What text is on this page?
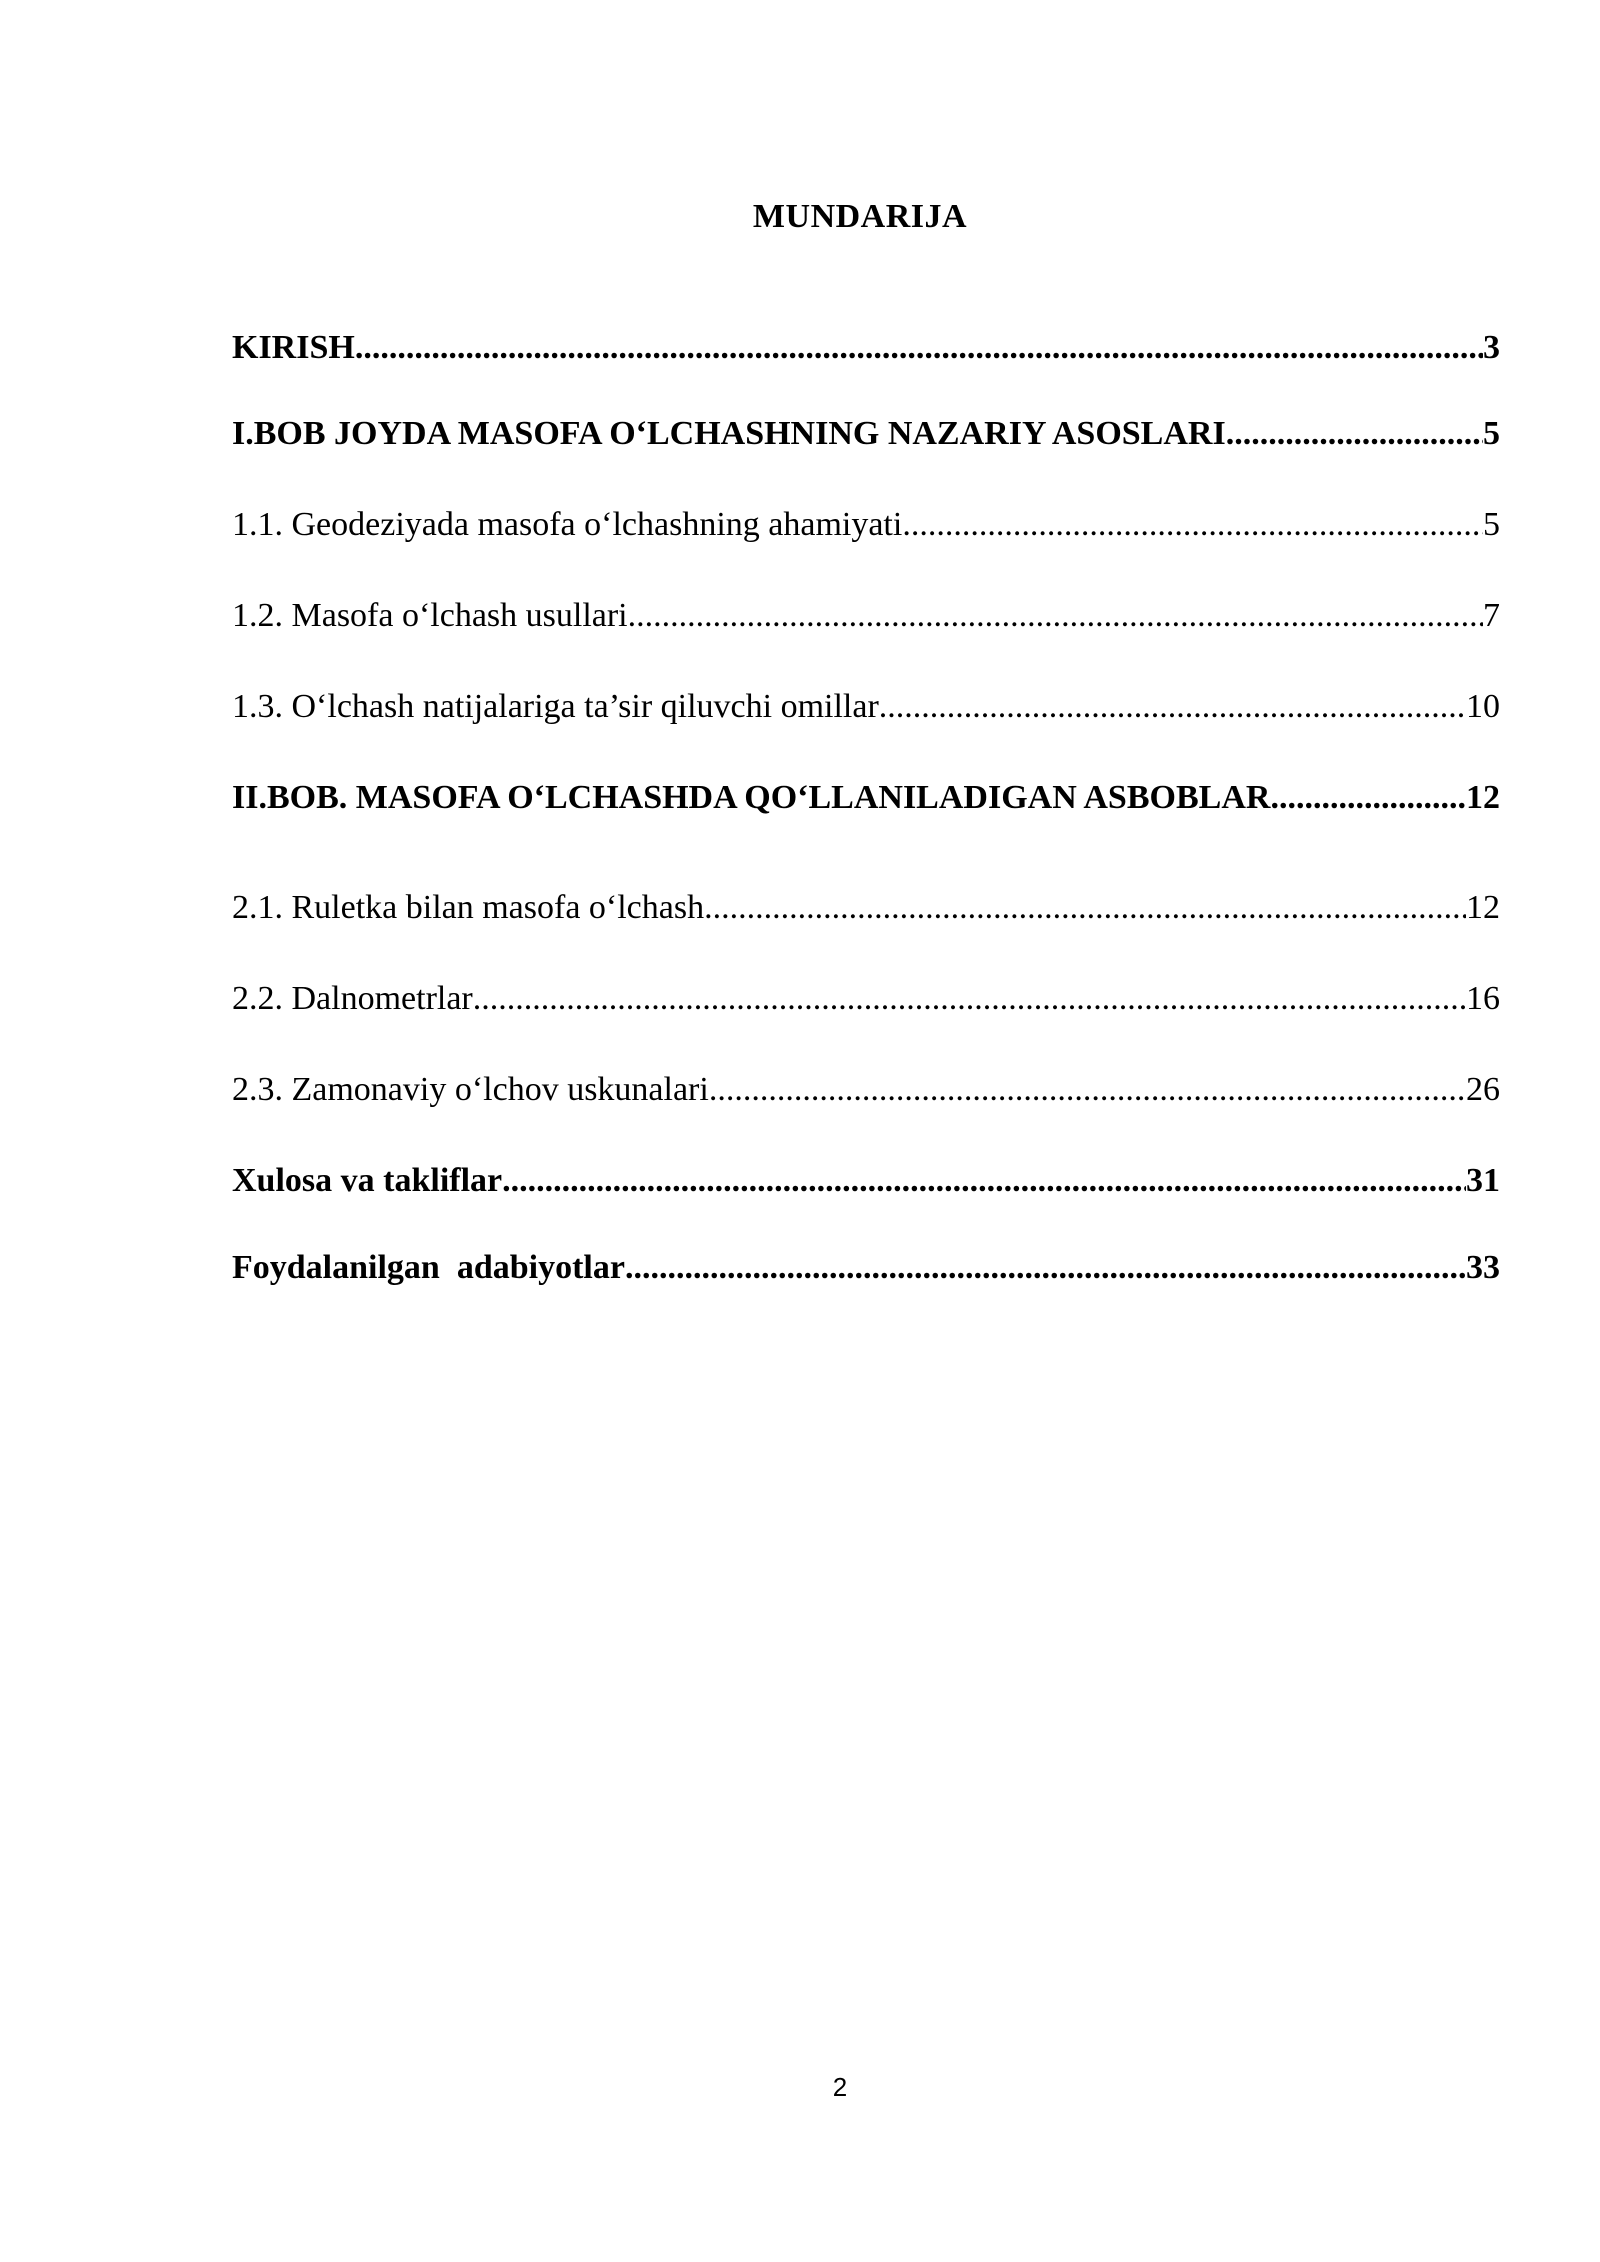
MUNDARIJA
KIRISH .....	3
I.BOB JOYDA MASOFA O‘LCHASHNING NAZARIY ASOSLARI .....	5
1.1. Geodeziyada masofa o‘lchashning ahamiyati .....	5
1.2. Masofa o‘lchash usullari .....	7
1.3. O‘lchash natijalariga ta’sir qiluvchi omillar .....	10
II.BOB. MASOFA O‘LCHASHDA QO‘LLANILADIGAN ASBOBLAR .....	12
2.1. Ruletka bilan masofa o‘lchash .....	12
2.2. Dalnometrlar .....	16
2.3. Zamonaviy o‘lchov uskunalari .....	26
Xulosa va takliflar .....	31
Foydalanilgan  adabiyotlar .....	33
2
